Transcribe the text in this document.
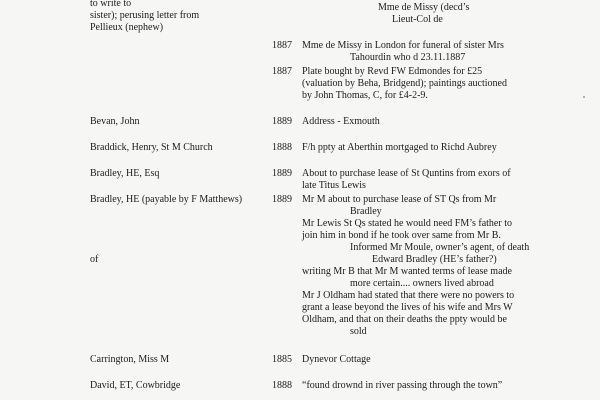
to write to
sister); perusing letter from
Pellieux (nephew)
Mme de Missy (decd’s
Lieut-Col de
1887	Mme de Missy in London for funeral of sister Mrs
Tahourdin who d 23.11.1887
1887	Plate bought by Revd FW Edmondes for £25
(valuation by Beha, Bridgend); paintings auctioned
by John Thomas, C, for £4-2-9.
Bevan, John	1889	Address - Exmouth
Braddick, Henry, St M Church	1888	F/h ppty at Aberthin mortgaged to Richd Aubrey
Bradley, HE, Esq	1889	About to purchase lease of St Quntins from exors of
late Titus Lewis
Bradley, HE (payable by F Matthews)	1889	Mr M about to purchase lease of ST Qs from Mr
Bradley
Mr Lewis St Qs stated he would need FM’s father to
join him in bond if he took over same from Mr B.
Informed Mr Moule, owner’s agent, of death
Edward Bradley (HE’s father?)
writing Mr B that Mr M wanted terms of lease made
more certain.... owners lived abroad
Mr J Oldham had stated that there were no powers to
grant a lease beyond the lives of his wife and Mrs W
Oldham, and that on their deaths the ppty would be
sold
of
Carrington, Miss M	1885	Dynevor Cottage
David, ET, Cowbridge	1888	“found drownd in river passing through the town”
